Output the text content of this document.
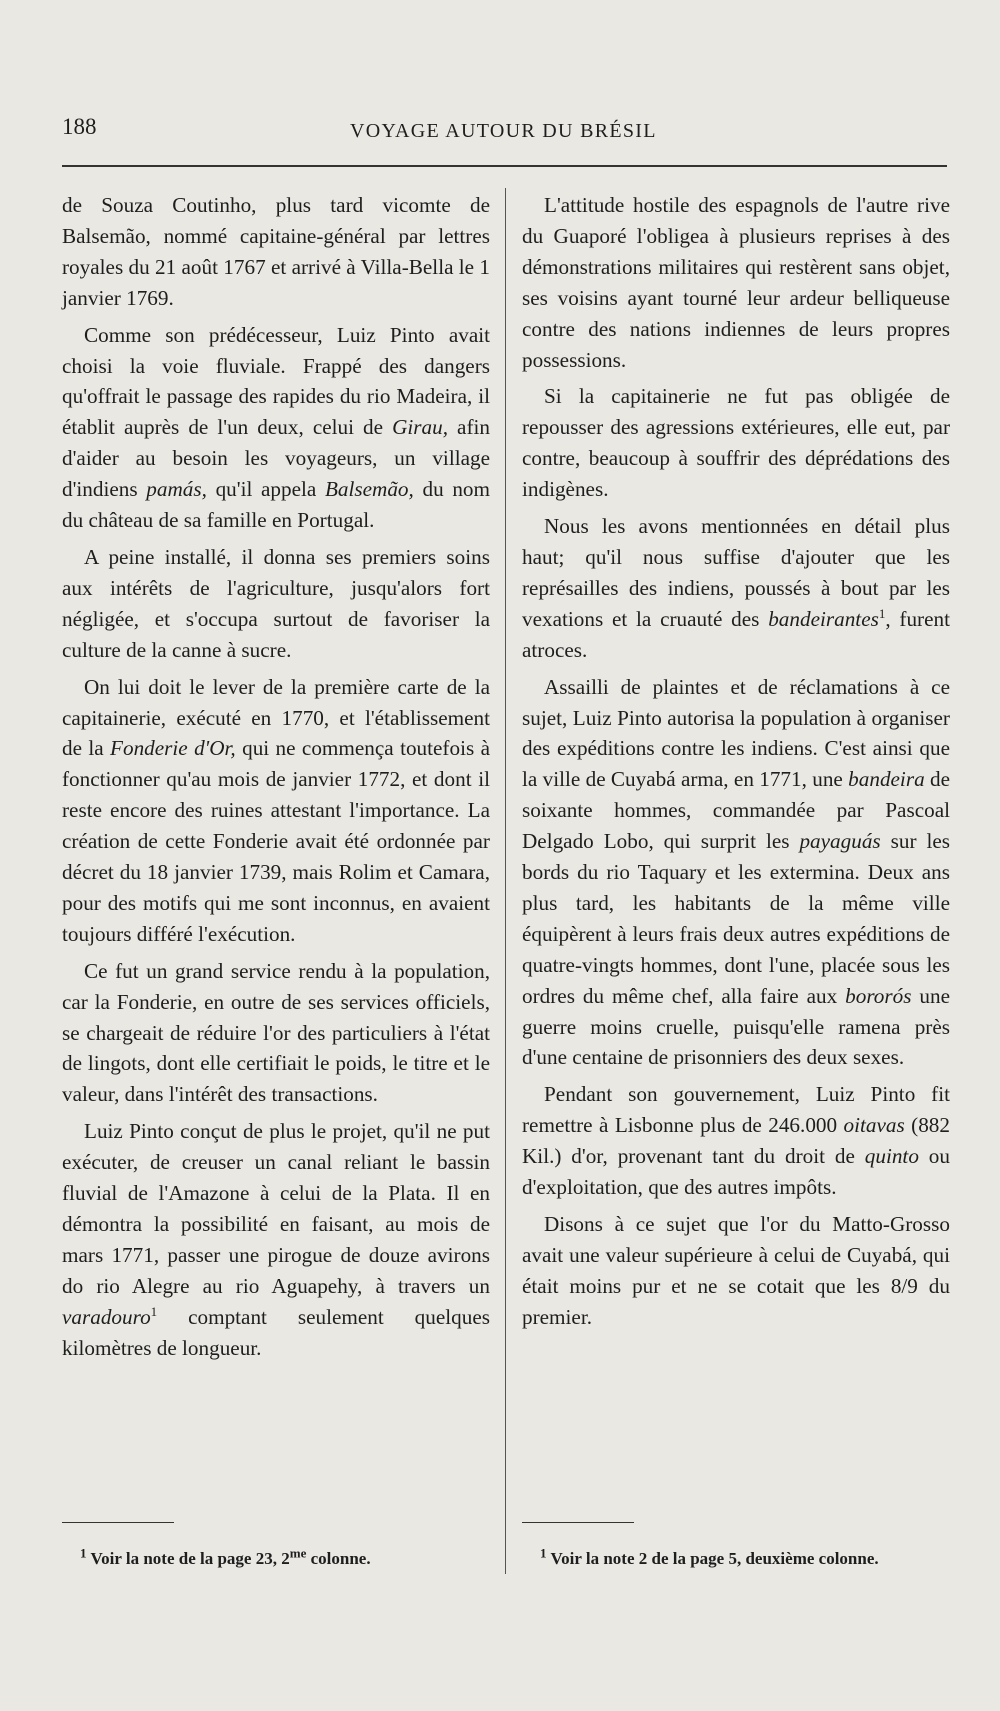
188	VOYAGE AUTOUR DU BRÉSIL

de Souza Coutinho, plus tard vicomte de Balsemão, nommé capitaine-général par lettres royales du 21 août 1767 et arrivé à Villa-Bella le 1 janvier 1769.

Comme son prédécesseur, Luiz Pinto avait choisi la voie fluviale. Frappé des dangers qu'offrait le passage des rapides du rio Madeira, il établit auprès de l'un deux, celui de Girau, afin d'aider au besoin les voyageurs, un village d'indiens pamás, qu'il appela Balsemão, du nom du château de sa famille en Portugal.

A peine installé, il donna ses premiers soins aux intérêts de l'agriculture, jusqu'alors fort négligée, et s'occupa surtout de favoriser la culture de la canne à sucre.

On lui doit le lever de la première carte de la capitainerie, exécuté en 1770, et l'établissement de la Fonderie d'Or, qui ne commença toutefois à fonctionner qu'au mois de janvier 1772, et dont il reste encore des ruines attestant l'importance. La création de cette Fonderie avait été ordonnée par décret du 18 janvier 1739, mais Rolim et Camara, pour des motifs qui me sont inconnus, en avaient toujours différé l'exécution.

Ce fut un grand service rendu à la population, car la Fonderie, en outre de ses services officiels, se chargeait de réduire l'or des particuliers à l'état de lingots, dont elle certifiait le poids, le titre et le valeur, dans l'intérêt des transactions.

Luiz Pinto conçut de plus le projet, qu'il ne put exécuter, de creuser un canal reliant le bassin fluvial de l'Amazone à celui de la Plata. Il en démontra la possibilité en faisant, au mois de mars 1771, passer une pirogue de douze avirons do rio Alegre au rio Aguapehy, à travers un varadouro$^1$ comptant seulement quelques kilomètres de longueur.

L'attitude hostile des espagnols de l'autre rive du Guaporé l'obligea à plusieurs reprises à des démonstrations militaires qui restèrent sans objet, ses voisins ayant tourné leur ardeur belliqueuse contre des nations indiennes de leurs propres possessions.

Si la capitainerie ne fut pas obligée de repousser des agressions extérieures, elle eut, par contre, beaucoup à souffrir des déprédations des indigènes.

Nous les avons mentionnées en détail plus haut; qu'il nous suffise d'ajouter que les représailles des indiens, poussés à bout par les vexations et la cruauté des bandeirantes$^1$, furent atroces.

Assailli de plaintes et de réclamations à ce sujet, Luiz Pinto autorisa la population à organiser des expéditions contre les indiens. C'est ainsi que la ville de Cuyabá arma, en 1771, une bandeira de soixante hommes, commandée par Pascoal Delgado Lobo, qui surprit les payaguás sur les bords du rio Taquary et les extermina. Deux ans plus tard, les habitants de la même ville équipèrent à leurs frais deux autres expéditions de quatre-vingts hommes, dont l'une, placée sous les ordres du même chef, alla faire aux bororós une guerre moins cruelle, puisqu'elle ramena près d'une centaine de prisonniers des deux sexes.

Pendant son gouvernement, Luiz Pinto fit remettre à Lisbonne plus de 246.000 oitavas (882 Kil.) d'or, provenant tant du droit de quinto ou d'exploitation, que des autres impôts.

Disons à ce sujet que l'or du Matto-Grosso avait une valeur supérieure à celui de Cuyabá, qui était moins pur et ne se cotait que les 8/9 du premier.

$^1$ Voir la note de la page 23, $2^{me}$ colonne.	$^1$ Voir la note 2 de la page 5, deuxième colonne.
